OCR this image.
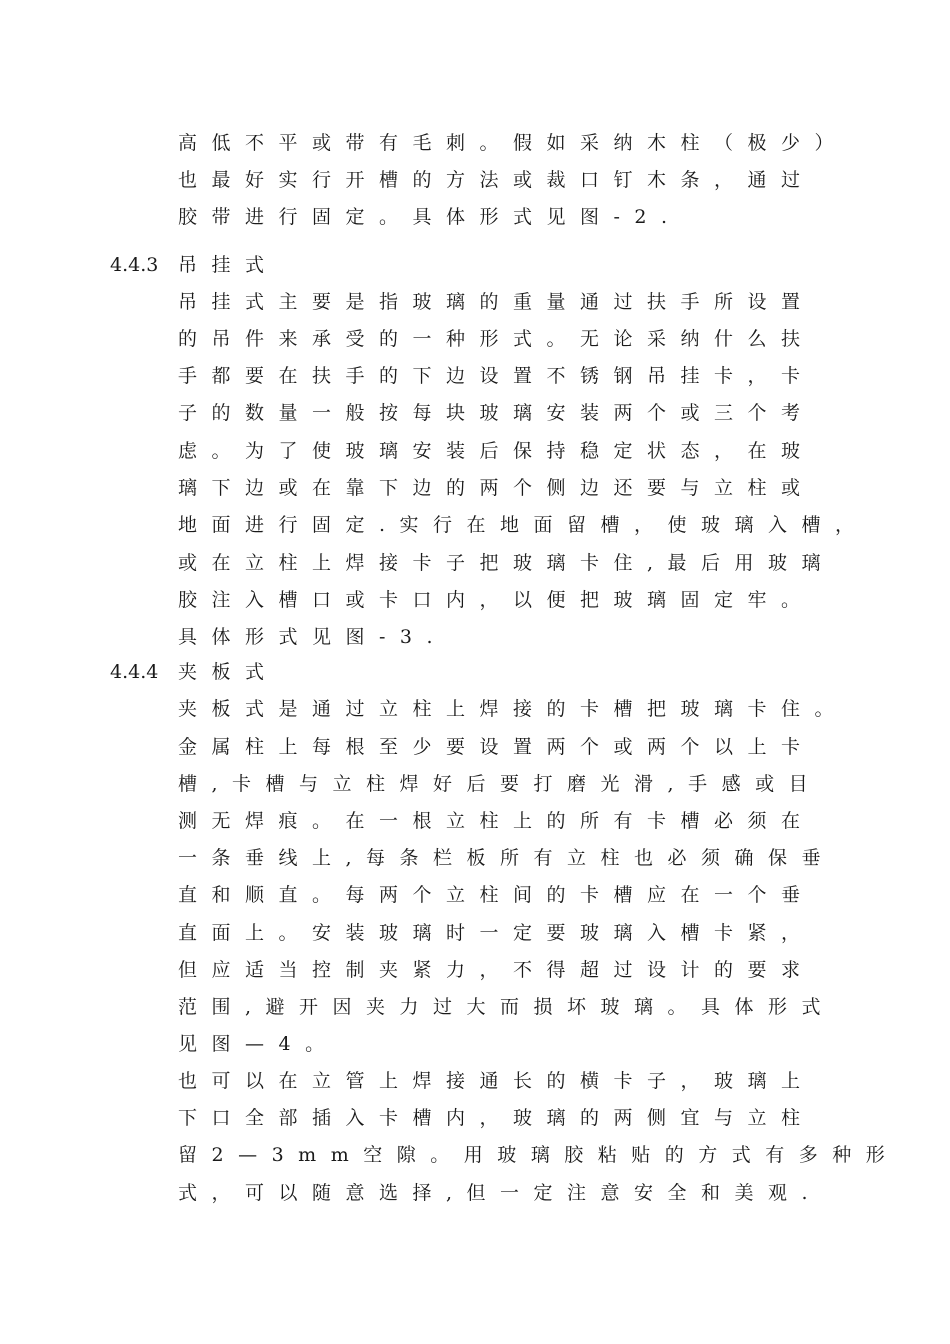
高低不平或带有毛刺。假如采纳木柱（极少）
也最好实行开槽的方法或裁口钉木条，通过
胶带进行固定。具体形式见图-2.
4.4.3 吊挂式
吊挂式主要是指玻璃的重量通过扶手所设置
的吊件来承受的一种形式。无论采纳什么扶
手都要在扶手的下边设置不锈钢吊挂卡，卡
子的数量一般按每块玻璃安装两个或三个考
虑。为了使玻璃安装后保持稳定状态，在玻
璃下边或在靠下边的两个侧边还要与立柱或
地面进行固定.实行在地面留槽，使玻璃入槽，
或在立柱上焊接卡子把玻璃卡住,最后用玻璃
胶注入槽口或卡口内，以便把玻璃固定牢。
具体形式见图-3.
4.4.4 夹板式
夹板式是通过立柱上焊接的卡槽把玻璃卡住。
金属柱上每根至少要设置两个或两个以上卡
槽,卡槽与立柱焊好后要打磨光滑,手感或目
测无焊痕。在一根立柱上的所有卡槽必须在
一条垂线上,每条栏板所有立柱也必须确保垂
直和顺直。每两个立柱间的卡槽应在一个垂
直面上。安装玻璃时一定要玻璃入槽卡紧，
但应适当控制夹紧力，不得超过设计的要求
范围,避开因夹力过大而损坏玻璃。具体形式
见图—4。
也可以在立管上焊接通长的横卡子，玻璃上
下口全部插入卡槽内，玻璃的两侧宜与立柱
留2—3mm空隙。用玻璃胶粘贴的方式有多种形
式，可以随意选择,但一定注意安全和美观.
